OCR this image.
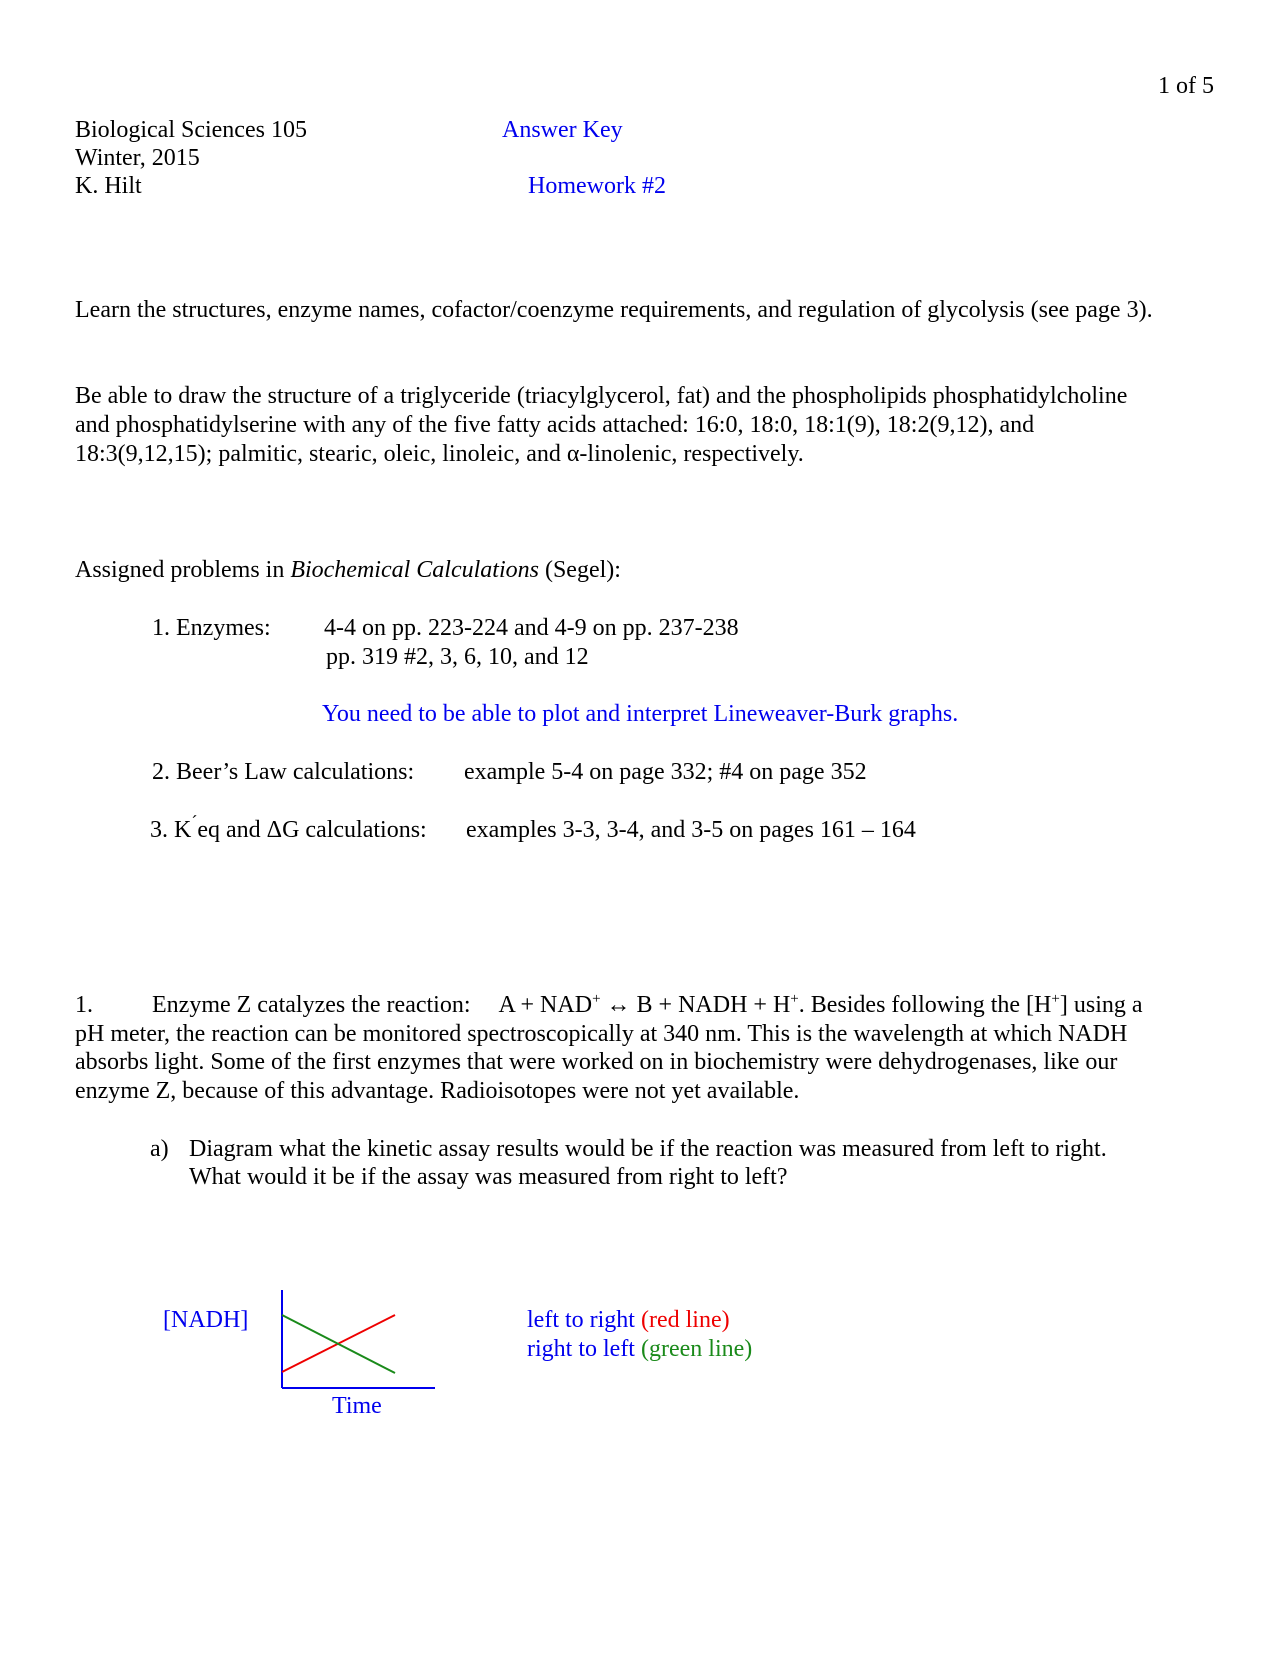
1 of 5
Biological Sciences 105
Winter, 2015
K. Hilt
Answer Key
Homework #2
Learn the structures, enzyme names, cofactor/coenzyme requirements, and regulation of glycolysis (see page 3).
Be able to draw the structure of a triglyceride (triacylglycerol, fat) and the phospholipids phosphatidylcholine
and phosphatidylserine with any of the five fatty acids attached: 16:0, 18:0, 18:1(9), 18:2(9,12), and
18:3(9,12,15); palmitic, stearic, oleic, linoleic, and α-linolenic, respectively.
Assigned problems in Biochemical Calculations (Segel):
1. Enzymes: 4-4 on pp. 223-224 and 4-9 on pp. 237-238
pp. 319 #2, 3, 6, 10, and 12
You need to be able to plot and interpret Lineweaver-Burk graphs.
2. Beer’s Law calculations: example 5-4 on page 332; #4 on page 352
3. K´eq and ΔG calculations: examples 3-3, 3-4, and 3-5 on pages 161 – 164
1. Enzyme Z catalyzes the reaction: A + NAD+ ↔ B + NADH + H+. Besides following the [H+] using a
pH meter, the reaction can be monitored spectroscopically at 340 nm. This is the wavelength at which NADH
absorbs light. Some of the first enzymes that were worked on in biochemistry were dehydrogenases, like our
enzyme Z, because of this advantage. Radioisotopes were not yet available.
a) Diagram what the kinetic assay results would be if the reaction was measured from left to right.
What would it be if the assay was measured from right to left?
[NADH]
Time
left to right (red line)
right to left (green line)
